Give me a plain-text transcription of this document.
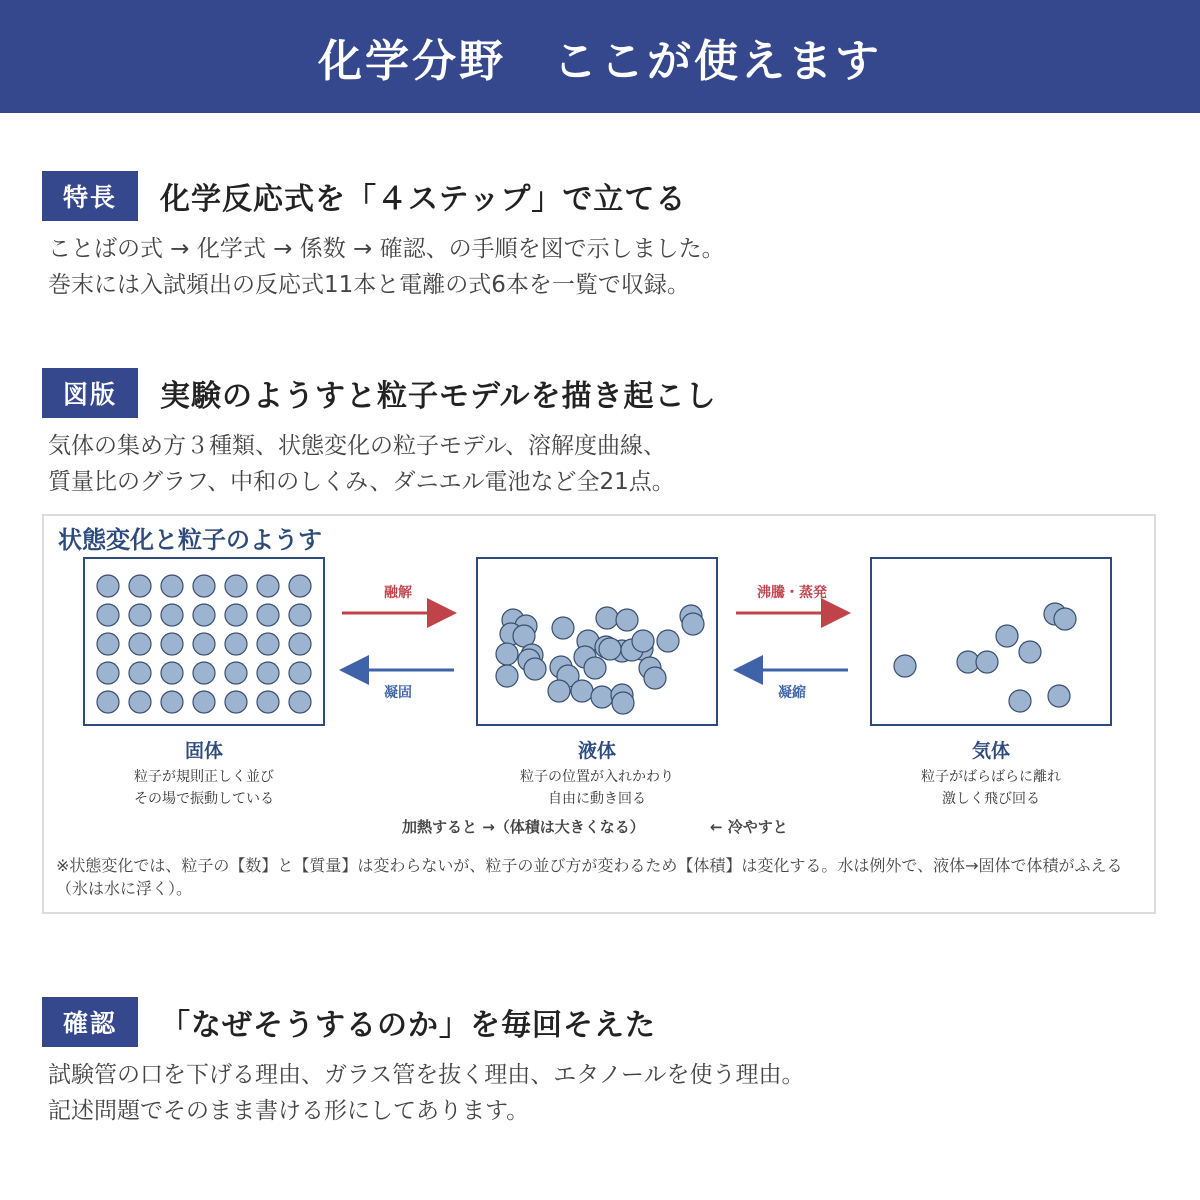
化学分野　ここが使えます
特長	化学反応式を「４ステップ」で立てる
ことばの式 → 化学式 → 係数 → 確認、の手順を図で示しました。
巻末には入試頻出の反応式11本と電離の式6本を一覧で収録。
図版	実験のようすと粒子モデルを描き起こし
気体の集め方３種類、状態変化の粒子モデル、溶解度曲線、
質量比のグラフ、中和のしくみ、ダニエル電池など全21点。
融解
凝固
沸騰・蒸発
凝縮
固体
粒子が規則正しく並び
その場で振動している
液体
粒子の位置が入れかわり
自由に動き回る
気体
粒子がばらばらに離れ
激しく飛び回る
加熱すると →（体積は大きくなる）	← 冷やすと
状態変化と粒子のようす
※状態変化では、粒子の【数】と【質量】は変わらないが、粒子の並び方が変わるため【体積】は変化する。水は例外で、液体→固体で体積がふえる（氷は水に浮く）。
確認	「なぜそうするのか」を毎回そえた
試験管の口を下げる理由、ガラス管を抜く理由、エタノールを使う理由。
記述問題でそのまま書ける形にしてあります。
